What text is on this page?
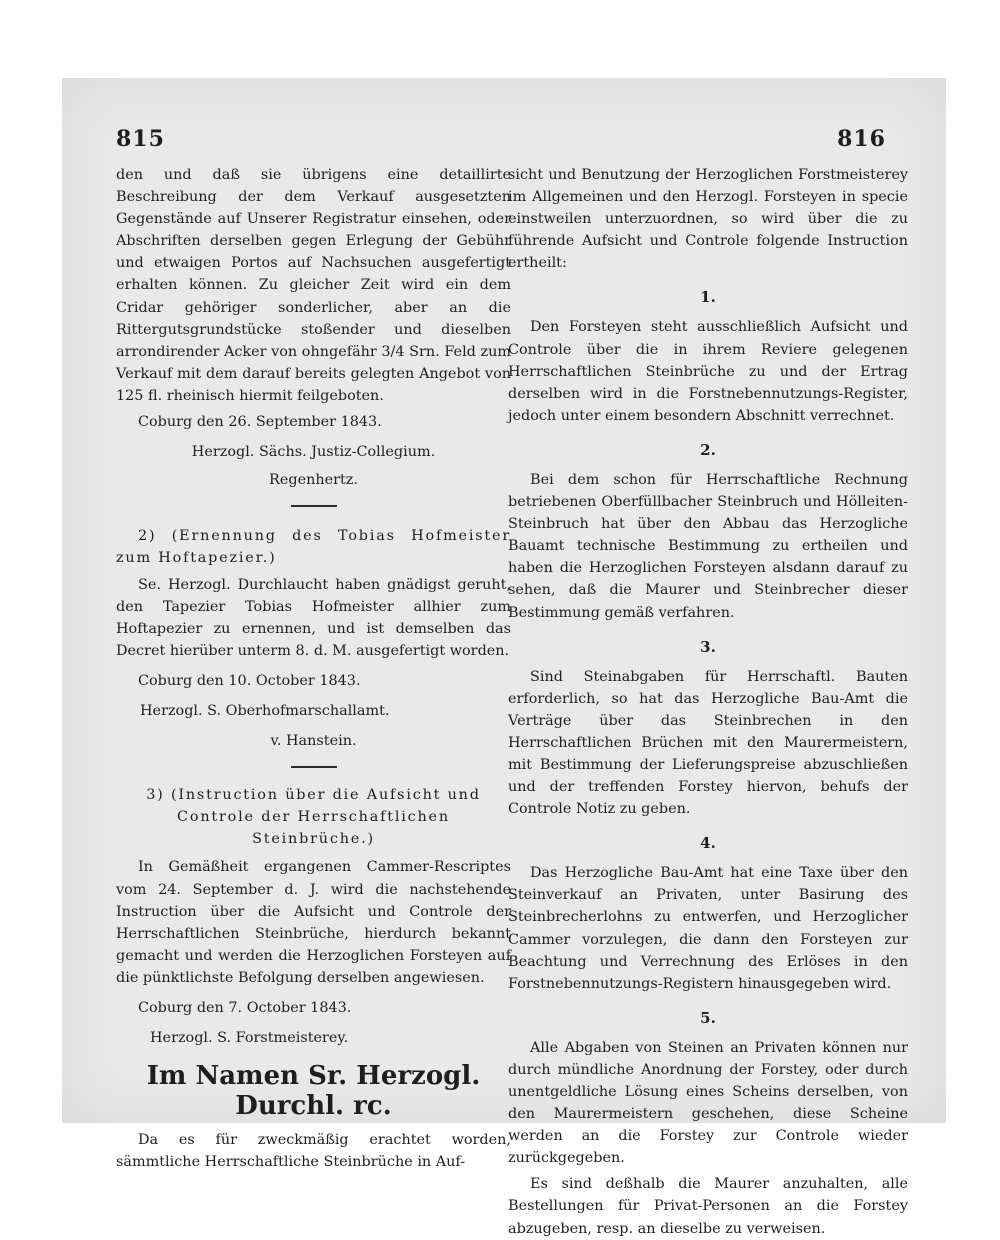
815	816

den und daß sie übrigens eine detaillirte Beschreibung der dem Verkauf ausgesetzten Gegenstände auf Unserer Registratur einsehen, oder Abschriften derselben gegen Erlegung der Gebühr und etwaigen Portos auf Nachsuchen ausgefertigt erhalten können. Zu gleicher Zeit wird ein dem Cridar gehöriger sonderlicher, aber an die Rittergutsgrundstücke stoßender und dieselben arrondirender Acker von ohngefähr 3/4 Srn. Feld zum Verkauf mit dem darauf bereits gelegten Angebot von 125 fl. rheinisch hiermit feilgeboten.

Coburg den 26. September 1843.

Herzogl. Sächs. Justiz-Collegium.

Regenhertz.

2) (Ernennung des Tobias Hofmeister zum Hoftapezier.)

Se. Herzogl. Durchlaucht haben gnädigst geruht, den Tapezier Tobias Hofmeister allhier zum Hoftapezier zu ernennen, und ist demselben das Decret hierüber unterm 8. d. M. ausgefertigt worden.

Coburg den 10. October 1843.

Herzogl. S. Oberhofmarschallamt.

v. Hanstein.

3) (Instruction über die Aufsicht und Controle der Herrschaftlichen Steinbrüche.)

In Gemäßheit ergangenen Cammer-Rescriptes vom 24. September d. J. wird die nachstehende Instruction über die Aufsicht und Controle der Herrschaftlichen Steinbrüche, hierdurch bekannt gemacht und werden die Herzoglichen Forsteyen auf die pünktlichste Befolgung derselben angewiesen.

Coburg den 7. October 1843.

Herzogl. S. Forstmeisterey.

Im Namen Sr. Herzogl. Durchl. rc.

Da es für zweckmäßig erachtet worden, sämmtliche Herrschaftliche Steinbrüche in Auf-

sicht und Benutzung der Herzoglichen Forstmeisterey im Allgemeinen und den Herzogl. Forsteyen in specie einstweilen unterzuordnen, so wird über die zu führende Aufsicht und Controle folgende Instruction ertheilt:

1.

Den Forsteyen steht ausschließlich Aufsicht und Controle über die in ihrem Reviere gelegenen Herrschaftlichen Steinbrüche zu und der Ertrag derselben wird in die Forstnebennutzungs-Register, jedoch unter einem besondern Abschnitt verrechnet.

2.

Bei dem schon für Herrschaftliche Rechnung betriebenen Oberfüllbacher Steinbruch und Hölleiten-Steinbruch hat über den Abbau das Herzogliche Bauamt technische Bestimmung zu ertheilen und haben die Herzoglichen Forsteyen alsdann darauf zu sehen, daß die Maurer und Steinbrecher dieser Bestimmung gemäß verfahren.

3.

Sind Steinabgaben für Herrschaftl. Bauten erforderlich, so hat das Herzogliche Bau-Amt die Verträge über das Steinbrechen in den Herrschaftlichen Brüchen mit den Maurermeistern, mit Bestimmung der Lieferungspreise abzuschließen und der treffenden Forstey hiervon, behufs der Controle Notiz zu geben.

4.

Das Herzogliche Bau-Amt hat eine Taxe über den Steinverkauf an Privaten, unter Basirung des Steinbrecherlohns zu entwerfen, und Herzoglicher Cammer vorzulegen, die dann den Forsteyen zur Beachtung und Verrechnung des Erlöses in den Forstnebennutzungs-Registern hinausgegeben wird.

5.

Alle Abgaben von Steinen an Privaten können nur durch mündliche Anordnung der Forstey, oder durch unentgeldliche Lösung eines Scheins derselben, von den Maurermeistern geschehen, diese Scheine werden an die Forstey zur Controle wieder zurückgegeben.

Es sind deßhalb die Maurer anzuhalten, alle Bestellungen für Privat-Personen an die Forstey abzugeben, resp. an dieselbe zu verweisen.
